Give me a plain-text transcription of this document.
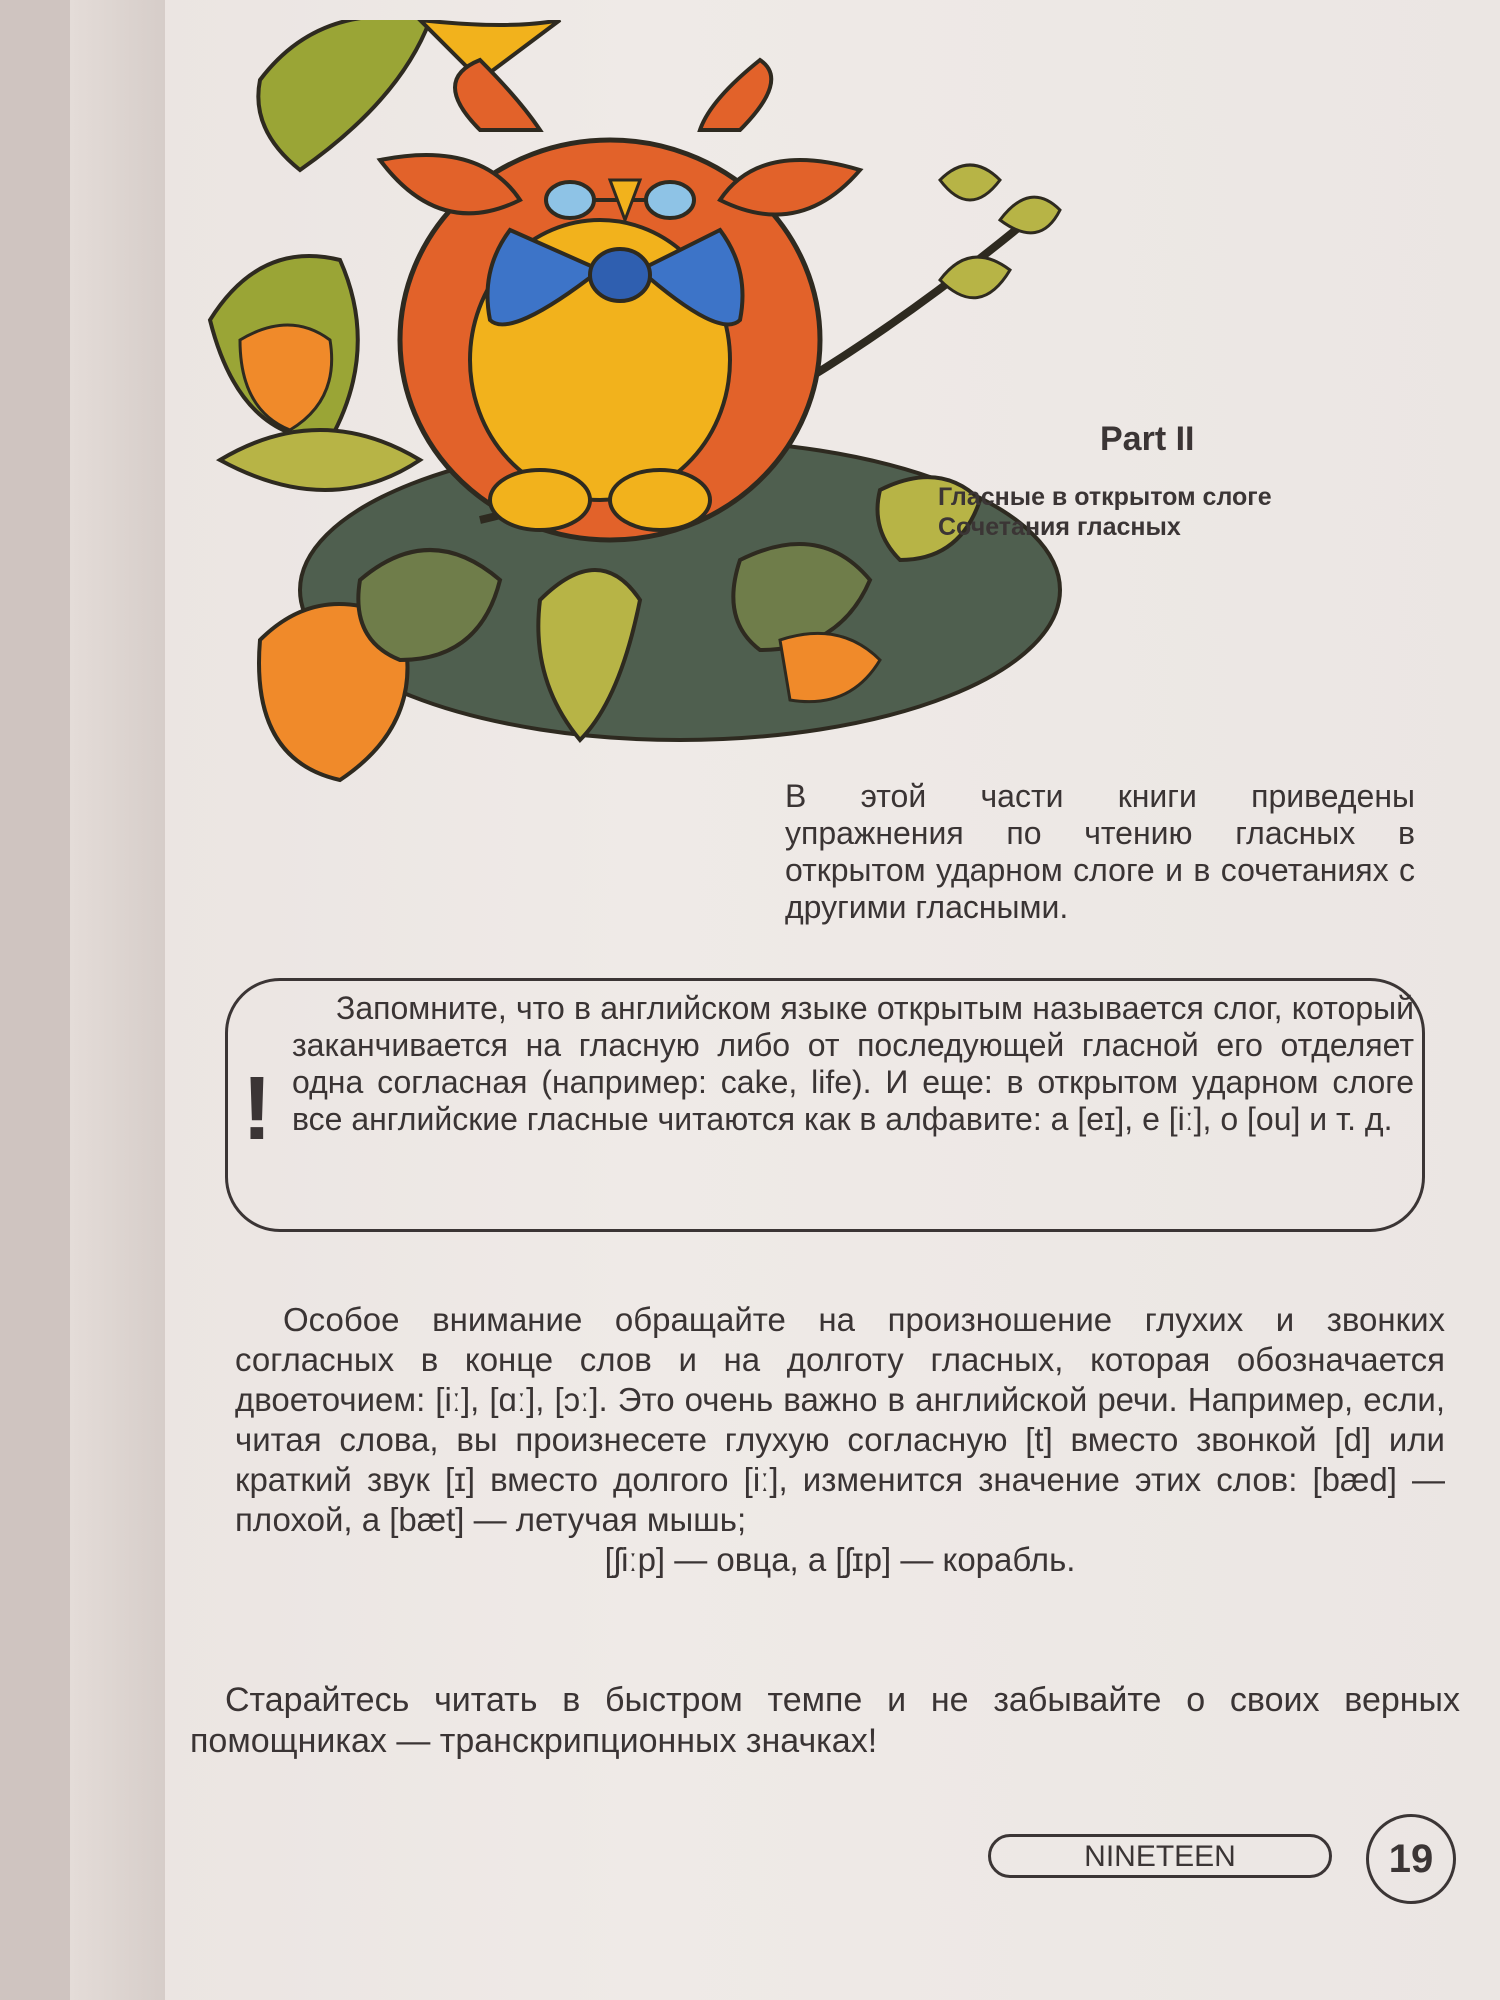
Part II
Гласные в открытом слоге
Сочетания гласных
В этой части книги приведены упражнения по чтению гласных в открытом ударном слоге и в сочетаниях с другими гласными.
!
Запомните, что в английском языке открытым называется слог, который заканчивается на гласную либо от последующей гласной его отделяет одна согласная (например: cake, life). И еще: в открытом ударном слоге все английские гласные читаются как в алфавите: a [eɪ], e [iː], o [ou] и т. д.
Особое внимание обращайте на произношение глухих и звонких согласных в конце слов и на долготу гласных, которая обозначается двоеточием: [iː], [ɑː], [ɔː]. Это очень важно в английской речи. Например, если, читая слова, вы произнесете глухую согласную [t] вместо звонкой [d] или краткий звук [ɪ] вместо долгого [iː], изменится значение этих слов: [bæd] — плохой, а [bæt] — летучая мышь;
[ʃiːp] — овца, а [ʃɪp] — корабль.
Старайтесь читать в быстром темпе и не забывайте о своих верных помощниках — транскрипционных значках!
NINETEEN	19
